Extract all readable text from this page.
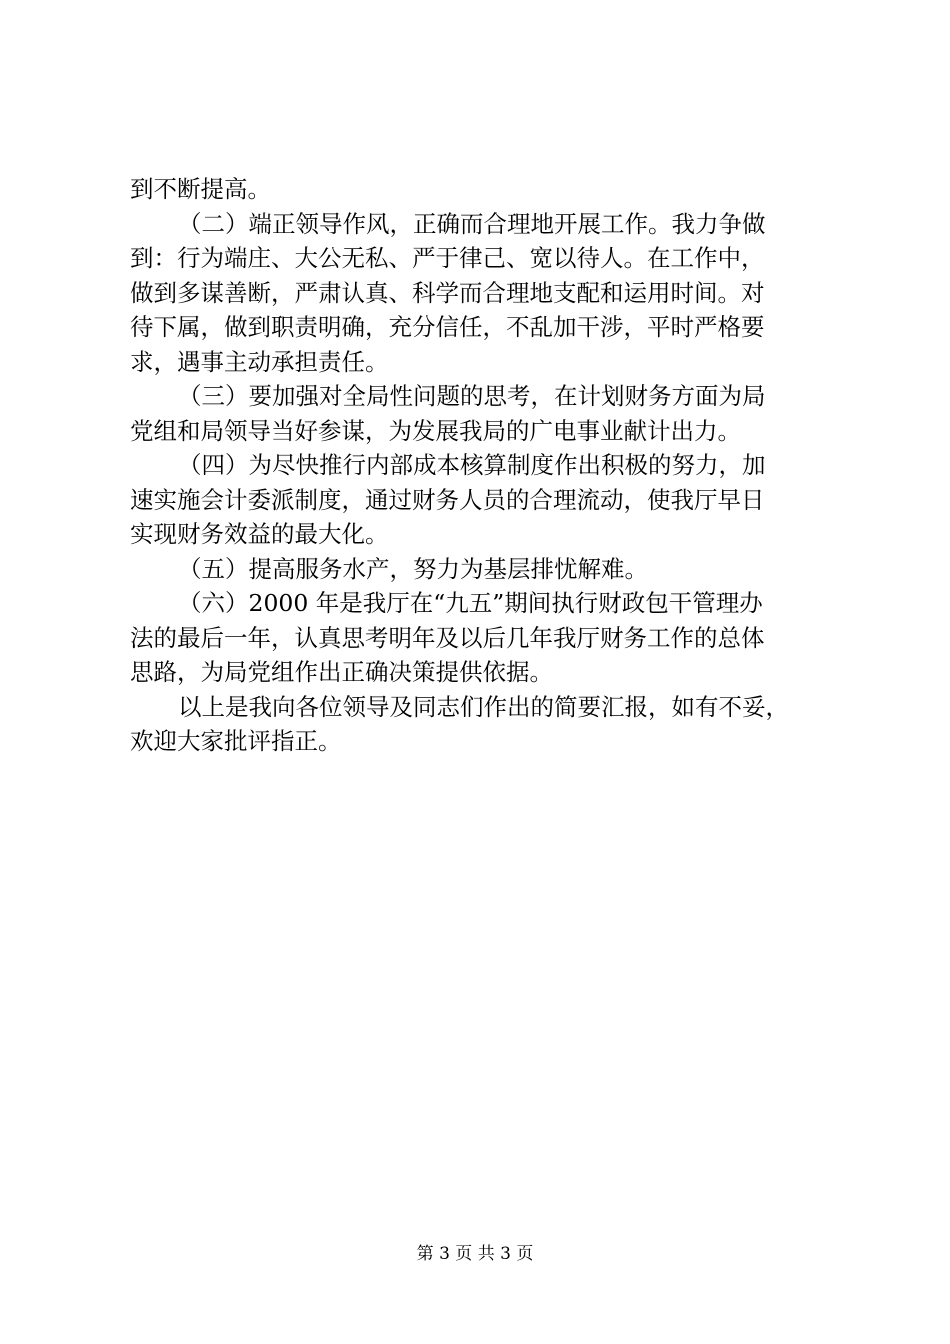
到不断提高。
（二）端正领导作风，正确而合理地开展工作。我力争做
到：行为端庄、大公无私、严于律己、宽以待人。在工作中，
做到多谋善断，严肃认真、科学而合理地支配和运用时间。对
待下属，做到职责明确，充分信任，不乱加干涉，平时严格要
求，遇事主动承担责任。
（三）要加强对全局性问题的思考，在计划财务方面为局
党组和局领导当好参谋，为发展我局的广电事业献计出力。
（四）为尽快推行内部成本核算制度作出积极的努力，加
速实施会计委派制度，通过财务人员的合理流动，使我厅早日
实现财务效益的最大化。
（五）提高服务水产，努力为基层排忧解难。
（六）2000 年是我厅在“九五”期间执行财政包干管理办
法的最后一年，认真思考明年及以后几年我厅财务工作的总体
思路，为局党组作出正确决策提供依据。
以上是我向各位领导及同志们作出的简要汇报，如有不妥，
欢迎大家批评指正。
第 3 页 共 3 页
